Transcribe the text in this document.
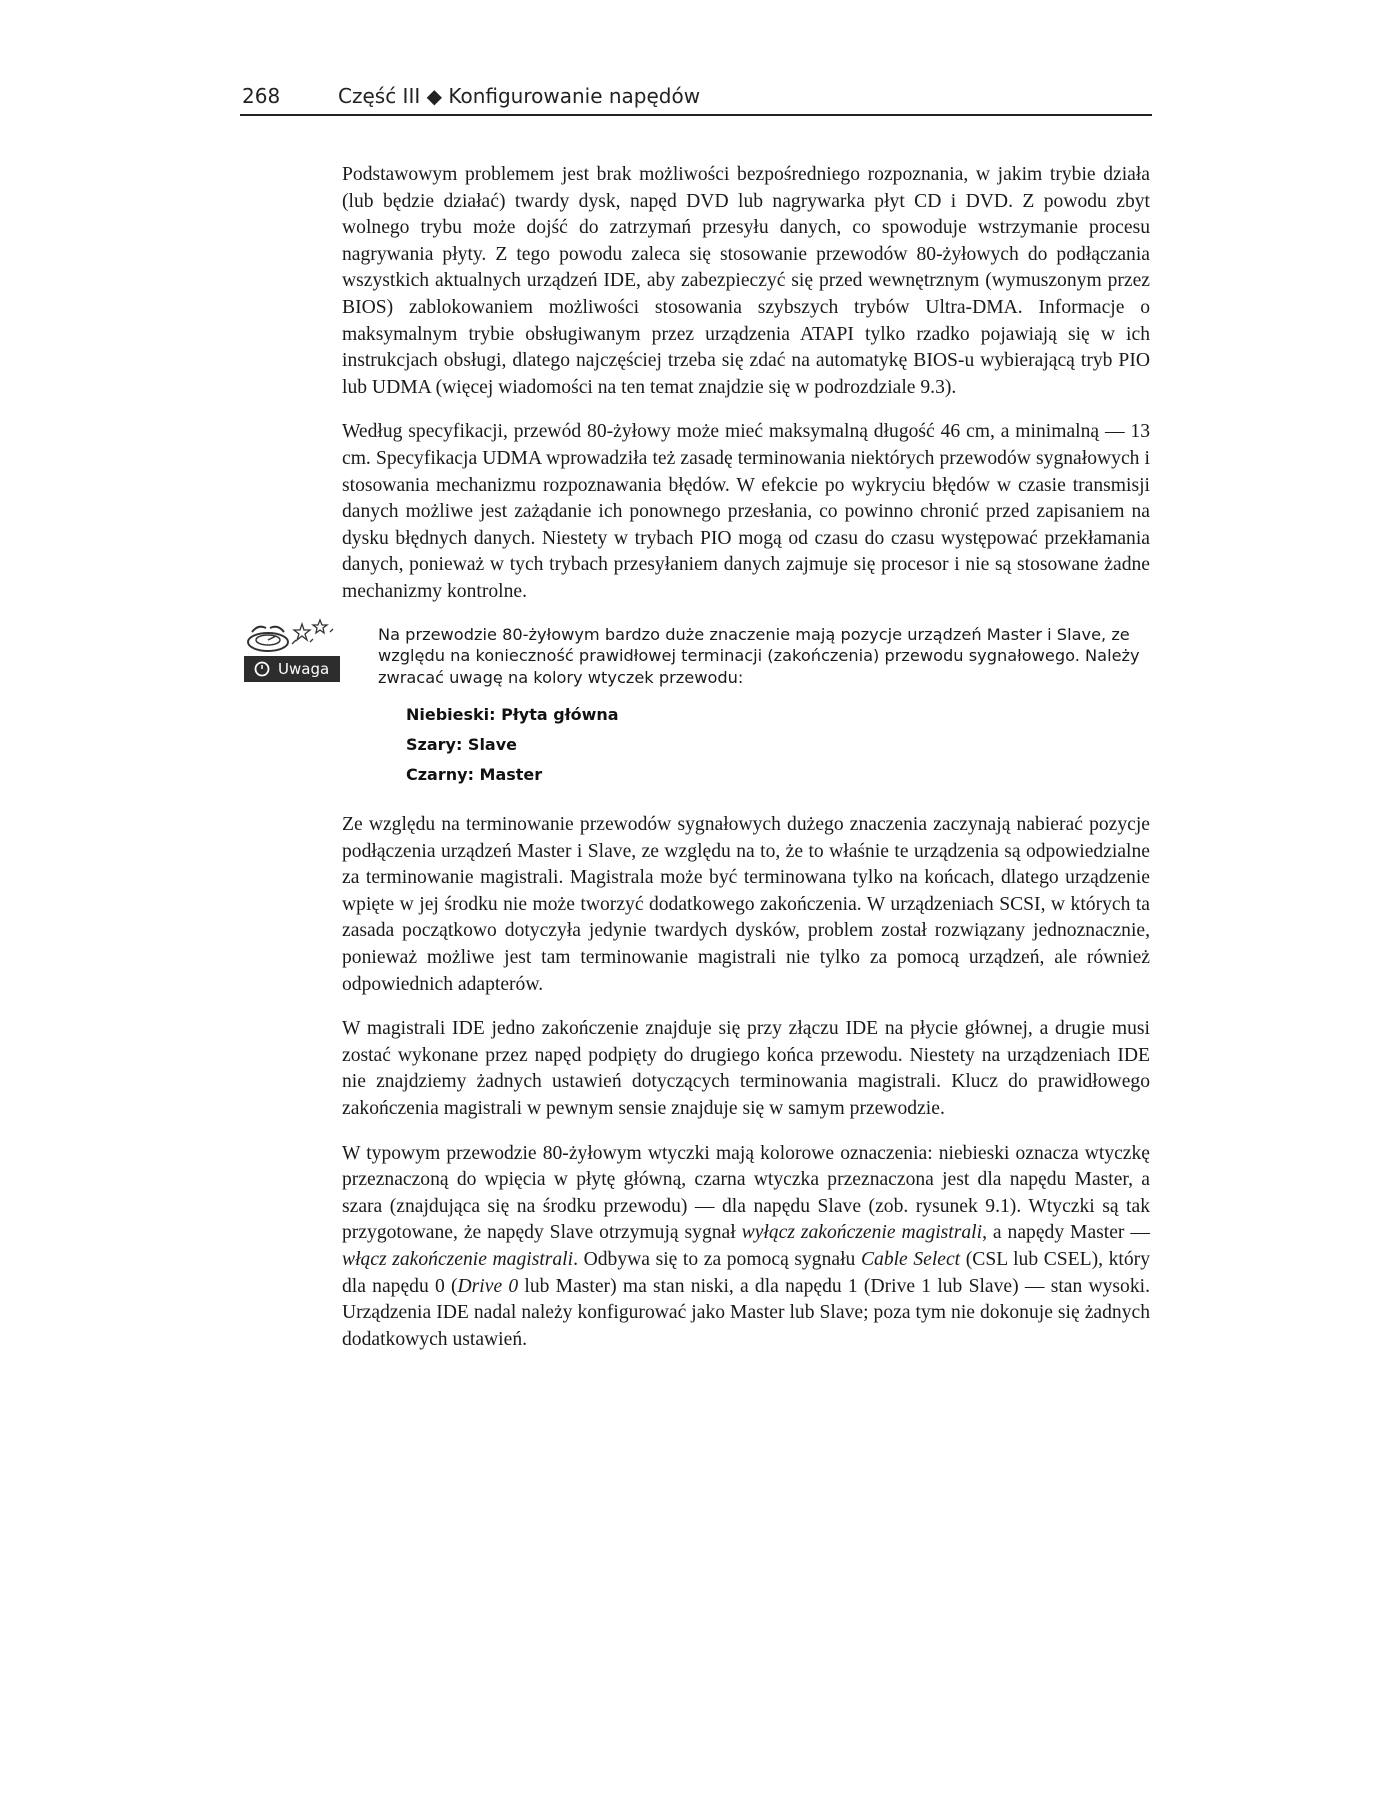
268	Część III ◆ Konfigurowanie napędów

Podstawowym problemem jest brak możliwości bezpośredniego rozpoznania, w jakim trybie działa (lub będzie działać) twardy dysk, napęd DVD lub nagrywarka płyt CD i DVD. Z powodu zbyt wolnego trybu może dojść do zatrzymań przesyłu danych, co spowoduje wstrzymanie procesu nagrywania płyty. Z tego powodu zaleca się stosowanie przewodów 80-żyłowych do podłączania wszystkich aktualnych urządzeń IDE, aby zabezpieczyć się przed wewnętrznym (wymuszonym przez BIOS) zablokowaniem możliwości stosowania szybszych trybów Ultra-DMA. Informacje o maksymalnym trybie obsługiwanym przez urządzenia ATAPI tylko rzadko pojawiają się w ich instrukcjach obsługi, dlatego najczęściej trzeba się zdać na automatykę BIOS-u wybierającą tryb PIO lub UDMA (więcej wiadomości na ten temat znajdzie się w podrozdziale 9.3).

Według specyfikacji, przewód 80-żyłowy może mieć maksymalną długość 46 cm, a minimalną — 13 cm. Specyfikacja UDMA wprowadziła też zasadę terminowania niektórych przewodów sygnałowych i stosowania mechanizmu rozpoznawania błędów. W efekcie po wykryciu błędów w czasie transmisji danych możliwe jest zażądanie ich ponownego przesłania, co powinno chronić przed zapisaniem na dysku błędnych danych. Niestety w trybach PIO mogą od czasu do czasu występować przekłamania danych, ponieważ w tych trybach przesyłaniem danych zajmuje się procesor i nie są stosowane żadne mechanizmy kontrolne.

Uwaga
Na przewodzie 80-żyłowym bardzo duże znaczenie mają pozycje urządzeń Master i Slave, ze względu na konieczność prawidłowej terminacji (zakończenia) przewodu sygnałowego. Należy zwracać uwagę na kolory wtyczek przewodu:
Niebieski: Płyta główna
Szary: Slave
Czarny: Master

Ze względu na terminowanie przewodów sygnałowych dużego znaczenia zaczynają nabierać pozycje podłączenia urządzeń Master i Slave, ze względu na to, że to właśnie te urządzenia są odpowiedzialne za terminowanie magistrali. Magistrala może być terminowana tylko na końcach, dlatego urządzenie wpięte w jej środku nie może tworzyć dodatkowego zakończenia. W urządzeniach SCSI, w których ta zasada początkowo dotyczyła jedynie twardych dysków, problem został rozwiązany jednoznacznie, ponieważ możliwe jest tam terminowanie magistrali nie tylko za pomocą urządzeń, ale również odpowiednich adapterów.

W magistrali IDE jedno zakończenie znajduje się przy złączu IDE na płycie głównej, a drugie musi zostać wykonane przez napęd podpięty do drugiego końca przewodu. Niestety na urządzeniach IDE nie znajdziemy żadnych ustawień dotyczących terminowania magistrali. Klucz do prawidłowego zakończenia magistrali w pewnym sensie znajduje się w samym przewodzie.

W typowym przewodzie 80-żyłowym wtyczki mają kolorowe oznaczenia: niebieski oznacza wtyczkę przeznaczoną do wpięcia w płytę główną, czarna wtyczka przeznaczona jest dla napędu Master, a szara (znajdująca się na środku przewodu) — dla napędu Slave (zob. rysunek 9.1). Wtyczki są tak przygotowane, że napędy Slave otrzymują sygnał wyłącz zakończenie magistrali, a napędy Master — włącz zakończenie magistrali. Odbywa się to za pomocą sygnału Cable Select (CSL lub CSEL), który dla napędu 0 (Drive 0 lub Master) ma stan niski, a dla napędu 1 (Drive 1 lub Slave) — stan wysoki. Urządzenia IDE nadal należy konfigurować jako Master lub Slave; poza tym nie dokonuje się żadnych dodatkowych ustawień.
